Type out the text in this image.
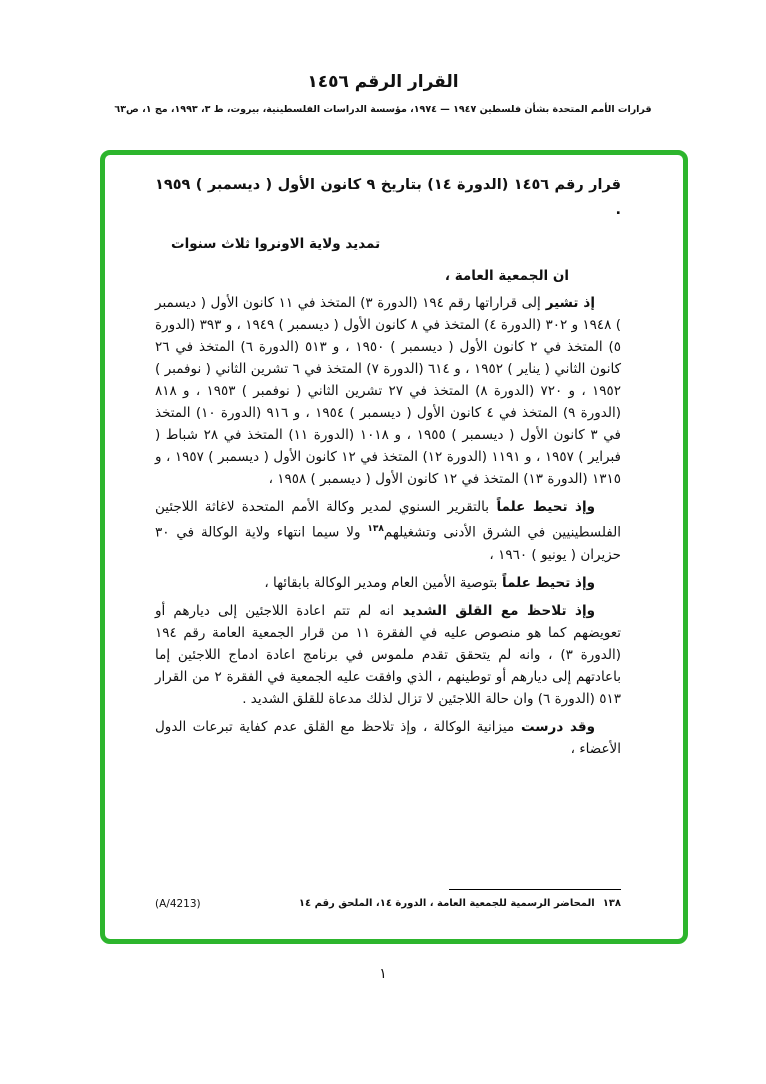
القرار الرقم ١٤٥٦
قرارات الأمم المتحدة بشأن فلسطين ١٩٤٧ — ١٩٧٤، مؤسسة الدراسات الفلسطينية، بيروت، ط ٣، ١٩٩٣، مج ١، ص٦٣

قرار رقم ١٤٥٦ (الدورة ١٤) بتاريخ ٩ كانون الأول ( ديسمبر ) ١٩٥٩ .

تمديد ولاية الاونروا ثلاث سنوات

ان الجمعية العامة ،

إذ تشيرإلى قراراتها رقم ١٩٤ (الدورة ٣) المتخذ في ١١ كانون الأول ( ديسمبر ) ١٩٤٨ و ٣٠٢ (الدورة ٤) المتخذ في ٨ كانون الأول ( ديسمبر ) ١٩٤٩ ، و ٣٩٣ (الدورة ٥) المتخذ في ٢ كانون الأول ( ديسمبر ) ١٩٥٠ ، و ٥١٣ (الدورة ٦) المتخذ في ٢٦ كانون الثاني ( يناير ) ١٩٥٢ ، و ٦١٤ (الدورة ٧) المتخذ في ٦ تشرين الثاني ( نوفمبر ) ١٩٥٢ ، و ٧٢٠ (الدورة ٨) المتخذ في ٢٧ تشرين الثاني ( نوفمبر ) ١٩٥٣ ، و ٨١٨ (الدورة ٩) المتخذ في ٤ كانون الأول ( ديسمبر ) ١٩٥٤ ، و ٩١٦ (الدورة ١٠) المتخذ في ٣ كانون الأول ( ديسمبر ) ١٩٥٥ ، و ١٠١٨ (الدورة ١١) المتخذ في ٢٨ شباط ( فبراير ) ١٩٥٧ ، و ١١٩١ (الدورة ١٢) المتخذ في ١٢ كانون الأول ( ديسمبر ) ١٩٥٧ ، و ١٣١٥ (الدورة ١٣) المتخذ في ١٢ كانون الأول ( ديسمبر ) ١٩٥٨ ،

وإذ تحيط علماًبالتقرير السنوي لمدير وكالة الأمم المتحدة لاغاثة اللاجئين الفلسطينيين في الشرق الأدنى وتشغيلهم$^{١٣٨}$ ولا سيما انتهاء ولاية الوكالة في ٣٠ حزيران ( يونيو ) ١٩٦٠ ،

وإذ تحيط علماًبتوصية الأمين العام ومدير الوكالة بابقائها ،

وإذ تلاحظ مع القلق الشديدانه لم تتم اعادة اللاجئين إلى ديارهم أو تعويضهم كما هو منصوص عليه في الفقرة ١١ من قرار الجمعية العامة رقم ١٩٤ (الدورة ٣) ، وانه لم يتحقق تقدم ملموس في برنامج اعادة ادماج اللاجئين إما باعادتهم إلى ديارهم أو توطينهم ، الذي وافقت عليه الجمعية في الفقرة ٢ من القرار ٥١٣ (الدورة ٦) وان حالة اللاجئين لا تزال لذلك مدعاة للقلق الشديد .

وقد درستميزانية الوكالة ، وإذ تلاحظ مع القلق عدم كفاية تبرعات الدول الأعضاء ،

١٣٨المحاضر الرسمية للجمعية العامة ، الدورة ١٤، الملحق رقم ١٤
(A/4213)
١
